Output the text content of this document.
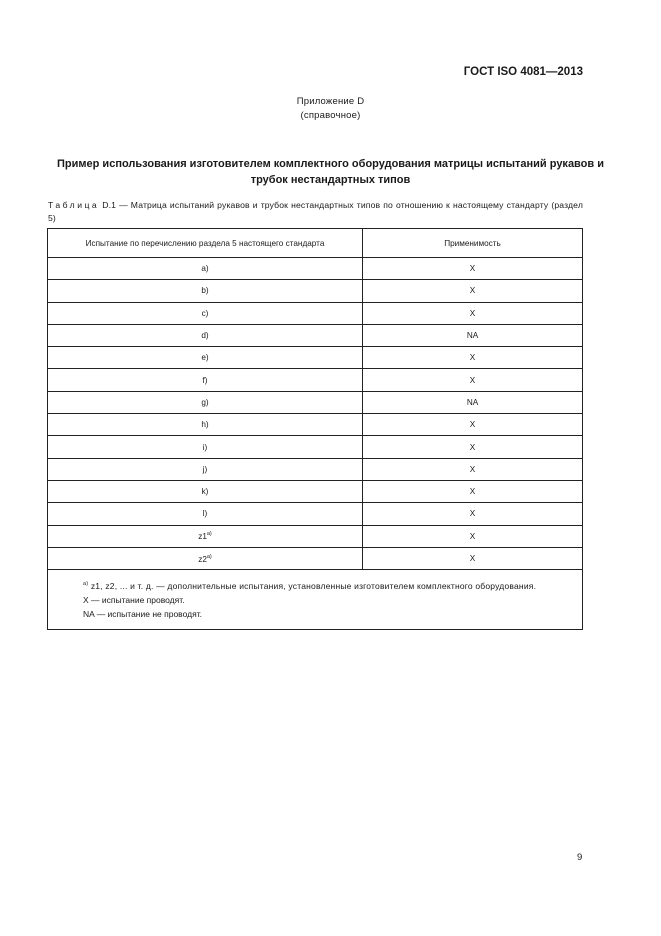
ГОСТ ISO 4081—2013
Приложение D
(справочное)
Пример использования изготовителем комплектного оборудования матрицы испытаний рукавов и трубок нестандартных типов
Таблица D.1 — Матрица испытаний рукавов и трубок нестандартных типов по отношению к настоящему стандарту (раздел 5)
Испытание по перечислению раздела 5 настоящего стандарта	Применимость
a)	X
b)	X
c)	X
d)	NA
e)	X
f)	X
g)	NA
h)	X
i)	X
j)	X
k)	X
l)	X
z1$^{a)}$	X
z2$^{a)}$	X

$^{a)}$ z1, z2, ... и т. д. — дополнительные испытания, установленные изготовителем комплектного оборудования.
X — испытание проводят.
NA — испытание не проводят.	
9
